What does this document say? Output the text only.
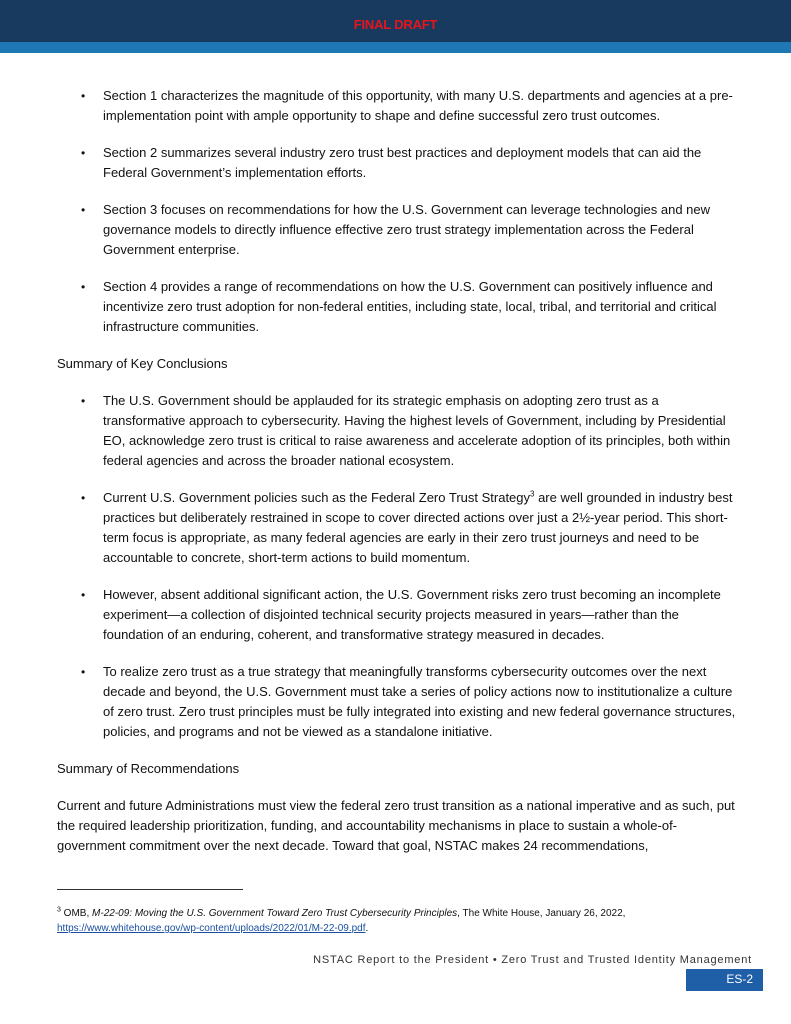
FINAL DRAFT
• Section 1 characterizes the magnitude of this opportunity, with many U.S. departments and agencies at a pre-implementation point with ample opportunity to shape and define successful zero trust outcomes.
• Section 2 summarizes several industry zero trust best practices and deployment models that can aid the Federal Government’s implementation efforts.
• Section 3 focuses on recommendations for how the U.S. Government can leverage technologies and new governance models to directly influence effective zero trust strategy implementation across the Federal Government enterprise.
• Section 4 provides a range of recommendations on how the U.S. Government can positively influence and incentivize zero trust adoption for non-federal entities, including state, local, tribal, and territorial and critical infrastructure communities.
Summary of Key Conclusions
• The U.S. Government should be applauded for its strategic emphasis on adopting zero trust as a transformative approach to cybersecurity. Having the highest levels of Government, including by Presidential EO, acknowledge zero trust is critical to raise awareness and accelerate adoption of its principles, both within federal agencies and across the broader national ecosystem.
• Current U.S. Government policies such as the Federal Zero Trust Strategy$^3$ are well grounded in industry best practices but deliberately restrained in scope to cover directed actions over just a 2½-year period. This short-term focus is appropriate, as many federal agencies are early in their zero trust journeys and need to be accountable to concrete, short-term actions to build momentum.
• However, absent additional significant action, the U.S. Government risks zero trust becoming an incomplete experiment—a collection of disjointed technical security projects measured in years—rather than the foundation of an enduring, coherent, and transformative strategy measured in decades.
• To realize zero trust as a true strategy that meaningfully transforms cybersecurity outcomes over the next decade and beyond, the U.S. Government must take a series of policy actions now to institutionalize a culture of zero trust. Zero trust principles must be fully integrated into existing and new federal governance structures, policies, and programs and not be viewed as a standalone initiative.
Summary of Recommendations

Current and future Administrations must view the federal zero trust transition as a national imperative and as such, put the required leadership prioritization, funding, and accountability mechanisms in place to sustain a whole-of-government commitment over the next decade. Toward that goal, NSTAC makes 24 recommendations,

$^3$ OMB, M-22-09: Moving the U.S. Government Toward Zero Trust Cybersecurity Principles, The White House, January 26, 2022,
https://www.whitehouse.gov/wp-content/uploads/2022/01/M-22-09.pdf.
NSTAC Report to the President • Zero Trust and Trusted Identity Management
ES-2
